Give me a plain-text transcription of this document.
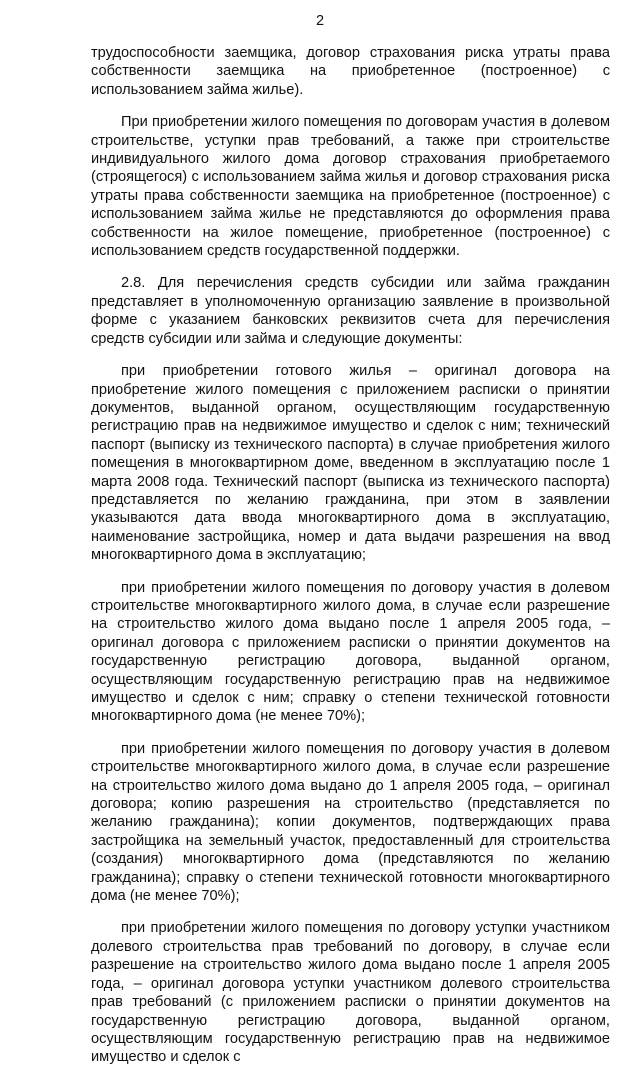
2

трудоспособности заемщика, договор страхования риска утраты права собственности заемщика на приобретенное (построенное) с использованием займа жилье).

При приобретении жилого помещения по договорам участия в долевом строительстве, уступки прав требований, а также при строительстве индивидуального жилого дома договор страхования приобретаемого (строящегося) с использованием займа жилья и договор страхования риска утраты права собственности заемщика на приобретенное (построенное) с использованием займа жилье не представляются до оформления права собственности на жилое помещение, приобретенное (построенное) с использованием средств государственной поддержки.

2.8. Для перечисления средств субсидии или займа гражданин представляет в уполномоченную организацию заявление в произвольной форме с указанием банковских реквизитов счета для перечисления средств субсидии или займа и следующие документы:

при приобретении готового жилья – оригинал договора на приобретение жилого помещения с приложением расписки о принятии документов, выданной органом, осуществляющим государственную регистрацию прав на недвижимое имущество и сделок с ним; технический паспорт (выписку из технического паспорта) в случае приобретения жилого помещения в многоквартирном доме, введенном в эксплуатацию после 1 марта 2008 года. Технический паспорт (выписка из технического паспорта) представляется по желанию гражданина, при этом в заявлении указываются дата ввода многоквартирного дома в эксплуатацию, наименование застройщика, номер и дата выдачи разрешения на ввод многоквартирного дома в эксплуатацию;

при приобретении жилого помещения по договору участия в долевом строительстве многоквартирного жилого дома, в случае если разрешение на строительство жилого дома выдано после 1 апреля 2005 года, – оригинал договора с приложением расписки о принятии документов на государственную регистрацию договора, выданной органом, осуществляющим государственную регистрацию прав на недвижимое имущество и сделок с ним; справку о степени технической готовности многоквартирного дома (не менее 70%);

при приобретении жилого помещения по договору участия в долевом строительстве многоквартирного жилого дома, в случае если разрешение на строительство жилого дома выдано до 1 апреля 2005 года, – оригинал договора; копию разрешения на строительство (представляется по желанию гражданина); копии документов, подтверждающих права застройщика на земельный участок, предоставленный для строительства (создания) многоквартирного дома (представляются по желанию гражданина); справку о степени технической готовности многоквартирного дома (не менее 70%);

при приобретении жилого помещения по договору уступки участником долевого строительства прав требований по договору, в случае если разрешение на строительство жилого дома выдано после 1 апреля 2005 года, – оригинал договора уступки участником долевого строительства прав требований (с приложением расписки о принятии документов на государственную регистрацию договора, выданной органом, осуществляющим государственную регистрацию прав на недвижимое имущество и сделок с
